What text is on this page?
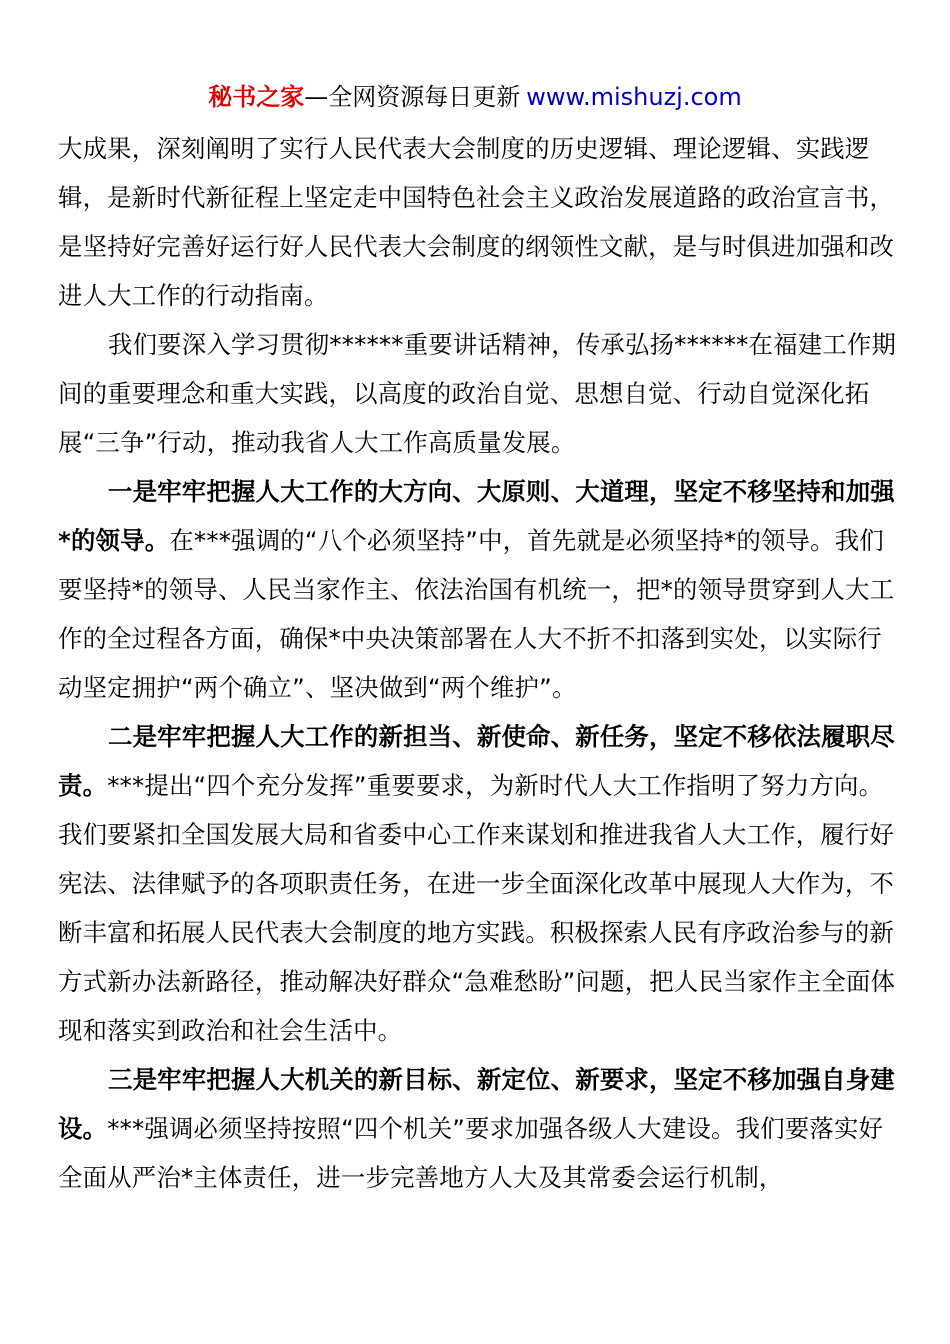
秘书之家—全网资源每日更新 www.mishuzj.com

大成果，深刻阐明了实行人民代表大会制度的历史逻辑、理论逻辑、实践逻辑，是新时代新征程上坚定走中国特色社会主义政治发展道路的政治宣言书，是坚持好完善好运行好人民代表大会制度的纲领性文献，是与时俱进加强和改进人大工作的行动指南。

我们要深入学习贯彻******重要讲话精神，传承弘扬******在福建工作期间的重要理念和重大实践，以高度的政治自觉、思想自觉、行动自觉深化拓展“三争”行动，推动我省人大工作高质量发展。

一是牢牢把握人大工作的大方向、大原则、大道理，坚定不移坚持和加强*的领导。在***强调的“八个必须坚持”中，首先就是必须坚持*的领导。我们要坚持*的领导、人民当家作主、依法治国有机统一，把*的领导贯穿到人大工作的全过程各方面，确保*中央决策部署在人大不折不扣落到实处，以实际行动坚定拥护“两个确立”、坚决做到“两个维护”。

二是牢牢把握人大工作的新担当、新使命、新任务，坚定不移依法履职尽责。***提出“四个充分发挥”重要要求，为新时代人大工作指明了努力方向。我们要紧扣全国发展大局和省委中心工作来谋划和推进我省人大工作，履行好宪法、法律赋予的各项职责任务，在进一步全面深化改革中展现人大作为，不断丰富和拓展人民代表大会制度的地方实践。积极探索人民有序政治参与的新方式新办法新路径，推动解决好群众“急难愁盼”问题，把人民当家作主全面体现和落实到政治和社会生活中。

三是牢牢把握人大机关的新目标、新定位、新要求，坚定不移加强自身建设。***强调必须坚持按照“四个机关”要求加强各级人大建设。我们要落实好全面从严治*主体责任，进一步完善地方人大及其常委会运行机制，
